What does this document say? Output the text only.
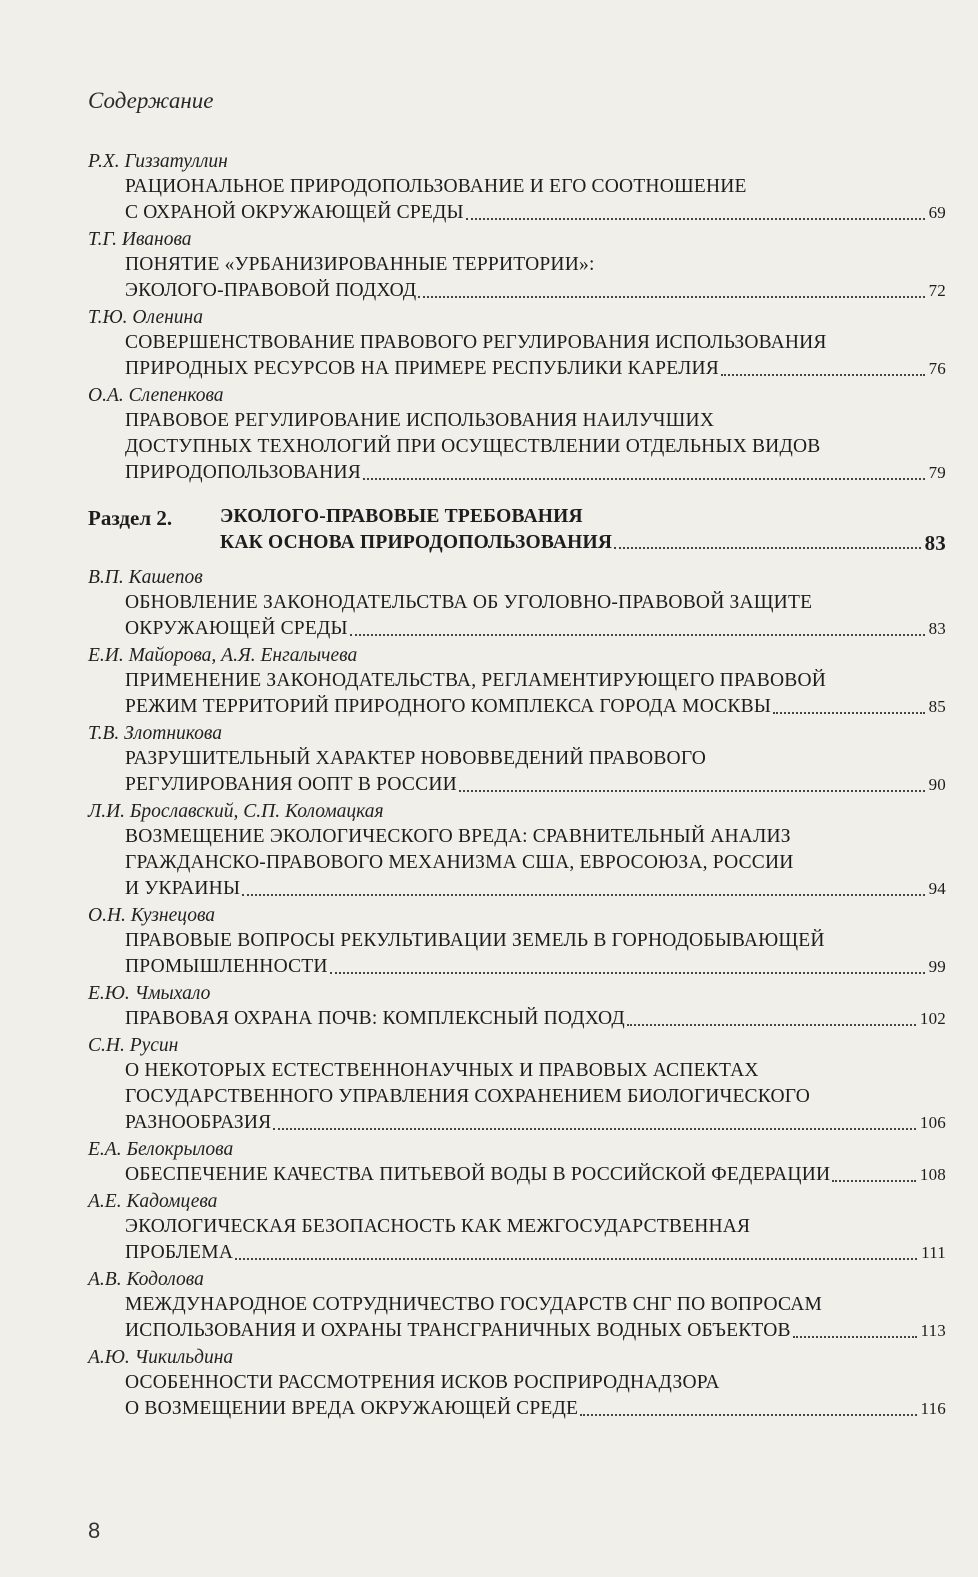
Содержание
Р.Х. Гиззатуллин
РАЦИОНАЛЬНОЕ ПРИРОДОПОЛЬЗОВАНИЕ И ЕГО СООТНОШЕНИЕ
С ОХРАНОЙ ОКРУЖАЮЩЕЙ СРЕДЫ	69
Т.Г. Иванова
ПОНЯТИЕ «УРБАНИЗИРОВАННЫЕ ТЕРРИТОРИИ»:
ЭКОЛОГО-ПРАВОВОЙ ПОДХОД	72
Т.Ю. Оленина
СОВЕРШЕНСТВОВАНИЕ ПРАВОВОГО РЕГУЛИРОВАНИЯ ИСПОЛЬЗОВАНИЯ
ПРИРОДНЫХ РЕСУРСОВ НА ПРИМЕРЕ РЕСПУБЛИКИ КАРЕЛИЯ	76
О.А. Слепенкова
ПРАВОВОЕ РЕГУЛИРОВАНИЕ ИСПОЛЬЗОВАНИЯ НАИЛУЧШИХ
ДОСТУПНЫХ ТЕХНОЛОГИЙ ПРИ ОСУЩЕСТВЛЕНИИ ОТДЕЛЬНЫХ ВИДОВ
ПРИРОДОПОЛЬЗОВАНИЯ	79
Раздел 2.	ЭКОЛОГО-ПРАВОВЫЕ ТРЕБОВАНИЯ
КАК ОСНОВА ПРИРОДОПОЛЬЗОВАНИЯ	83
В.П. Кашепов
ОБНОВЛЕНИЕ ЗАКОНОДАТЕЛЬСТВА ОБ УГОЛОВНО-ПРАВОВОЙ ЗАЩИТЕ
ОКРУЖАЮЩЕЙ СРЕДЫ	83
Е.И. Майорова, А.Я. Енгалычева
ПРИМЕНЕНИЕ ЗАКОНОДАТЕЛЬСТВА, РЕГЛАМЕНТИРУЮЩЕГО ПРАВОВОЙ
РЕЖИМ ТЕРРИТОРИЙ ПРИРОДНОГО КОМПЛЕКСА ГОРОДА МОСКВЫ	85
Т.В. Злотникова
РАЗРУШИТЕЛЬНЫЙ ХАРАКТЕР НОВОВВЕДЕНИЙ ПРАВОВОГО
РЕГУЛИРОВАНИЯ ООПТ В РОССИИ	90
Л.И. Брославский, С.П. Коломацкая
ВОЗМЕЩЕНИЕ ЭКОЛОГИЧЕСКОГО ВРЕДА: СРАВНИТЕЛЬНЫЙ АНАЛИЗ
ГРАЖДАНСКО-ПРАВОВОГО МЕХАНИЗМА США, ЕВРОСОЮЗА, РОССИИ
И УКРАИНЫ	94
О.Н. Кузнецова
ПРАВОВЫЕ ВОПРОСЫ РЕКУЛЬТИВАЦИИ ЗЕМЕЛЬ В ГОРНОДОБЫВАЮЩЕЙ
ПРОМЫШЛЕННОСТИ	99
Е.Ю. Чмыхало
ПРАВОВАЯ ОХРАНА ПОЧВ: КОМПЛЕКСНЫЙ ПОДХОД	102
С.Н. Русин
О НЕКОТОРЫХ ЕСТЕСТВЕННОНАУЧНЫХ И ПРАВОВЫХ АСПЕКТАХ
ГОСУДАРСТВЕННОГО УПРАВЛЕНИЯ СОХРАНЕНИЕМ БИОЛОГИЧЕСКОГО
РАЗНООБРАЗИЯ	106
Е.А. Белокрылова
ОБЕСПЕЧЕНИЕ КАЧЕСТВА ПИТЬЕВОЙ ВОДЫ В РОССИЙСКОЙ ФЕДЕРАЦИИ	108
А.Е. Кадомцева
ЭКОЛОГИЧЕСКАЯ БЕЗОПАСНОСТЬ КАК МЕЖГОСУДАРСТВЕННАЯ
ПРОБЛЕМА	111
А.В. Кодолова
МЕЖДУНАРОДНОЕ СОТРУДНИЧЕСТВО ГОСУДАРСТВ СНГ ПО ВОПРОСАМ
ИСПОЛЬЗОВАНИЯ И ОХРАНЫ ТРАНСГРАНИЧНЫХ ВОДНЫХ ОБЪЕКТОВ	113
А.Ю. Чикильдина
ОСОБЕННОСТИ РАССМОТРЕНИЯ ИСКОВ РОСПРИРОДНАДЗОРА
О ВОЗМЕЩЕНИИ ВРЕДА ОКРУЖАЮЩЕЙ СРЕДЕ	116
8
